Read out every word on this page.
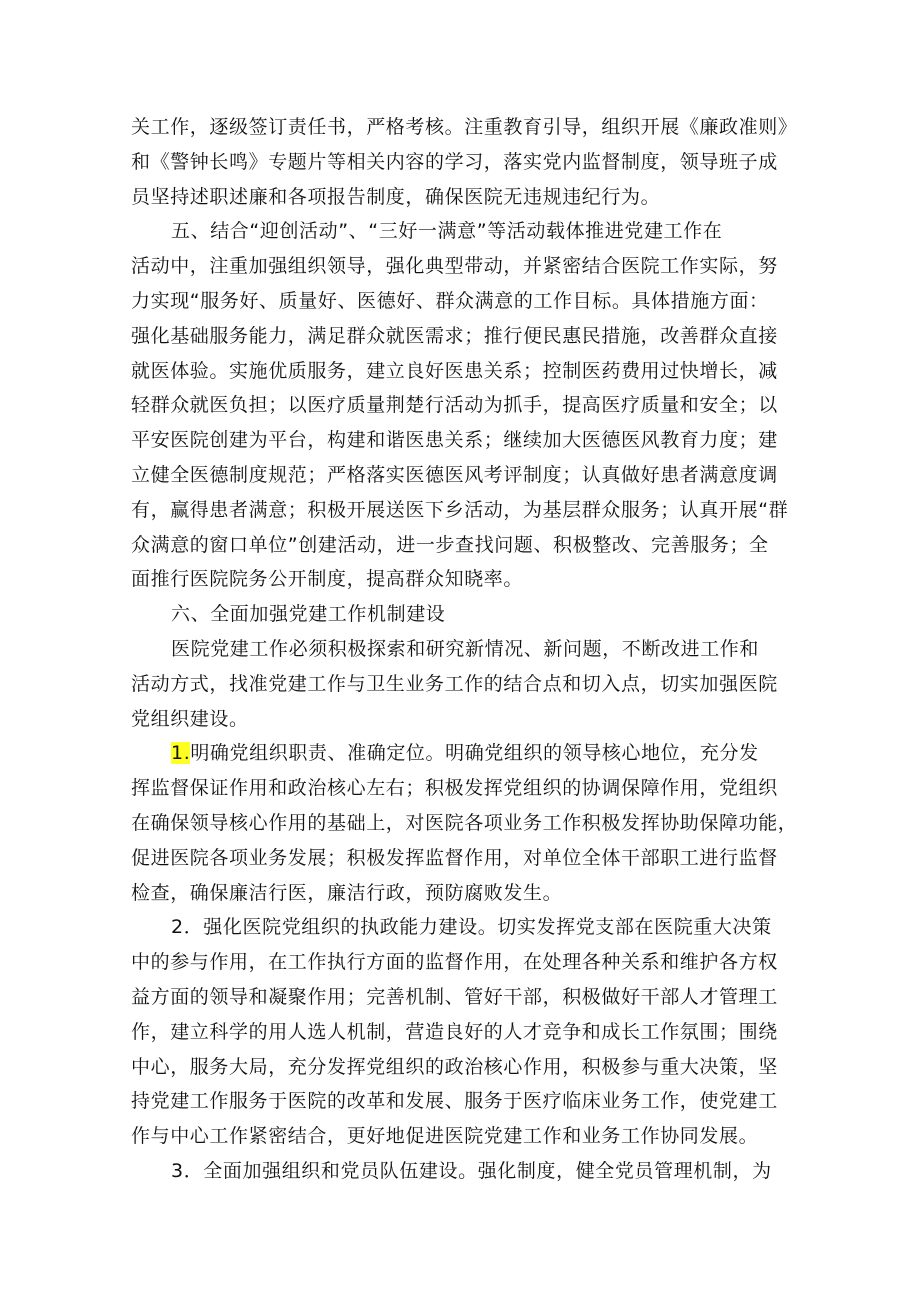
关工作，逐级签订责任书，严格考核。注重教育引导，组织开展《廉政准则》
和《警钟长鸣》专题片等相关内容的学习，落实党内监督制度，领导班子成
员坚持述职述廉和各项报告制度，确保医院无违规违纪行为。
五、结合“迎创活动”、“三好一满意”等活动载体推进党建工作在
活动中，注重加强组织领导，强化典型带动，并紧密结合医院工作实际，努
力实现“服务好、质量好、医德好、群众满意的工作目标。具体措施方面：
强化基础服务能力，满足群众就医需求；推行便民惠民措施，改善群众直接
就医体验。实施优质服务，建立良好医患关系；控制医药费用过快增长，减
轻群众就医负担；以医疗质量荆楚行活动为抓手，提高医疗质量和安全；以
平安医院创建为平台，构建和谐医患关系；继续加大医德医风教育力度；建
立健全医德制度规范；严格落实医德医风考评制度；认真做好患者满意度调
有，赢得患者满意；积极开展送医下乡活动，为基层群众服务；认真开展“群
众满意的窗口单位”创建活动，进一步查找问题、积极整改、完善服务；全
面推行医院院务公开制度，提高群众知晓率。
六、全面加强党建工作机制建设
医院党建工作必须积极探索和研究新情况、新问题，不断改进工作和
活动方式，找准党建工作与卫生业务工作的结合点和切入点，切实加强医院
党组织建设。
1.明确党组织职责、准确定位。明确党组织的领导核心地位，充分发
挥监督保证作用和政治核心左右；积极发挥党组织的协调保障作用，党组织
在确保领导核心作用的基础上，对医院各项业务工作积极发挥协助保障功能，
促进医院各项业务发展；积极发挥监督作用，对单位全体干部职工进行监督
检查，确保廉洁行医，廉洁行政，预防腐败发生。
2．强化医院党组织的执政能力建设。切实发挥党支部在医院重大决策
中的参与作用，在工作执行方面的监督作用，在处理各种关系和维护各方权
益方面的领导和凝聚作用；完善机制、管好干部，积极做好干部人才管理工
作，建立科学的用人选人机制，营造良好的人才竞争和成长工作氛围；围绕
中心，服务大局，充分发挥党组织的政治核心作用，积极参与重大决策，坚
持党建工作服务于医院的改革和发展、服务于医疗临床业务工作，使党建工
作与中心工作紧密结合，更好地促进医院党建工作和业务工作协同发展。
3．全面加强组织和党员队伍建设。强化制度，健全党员管理机制，为
